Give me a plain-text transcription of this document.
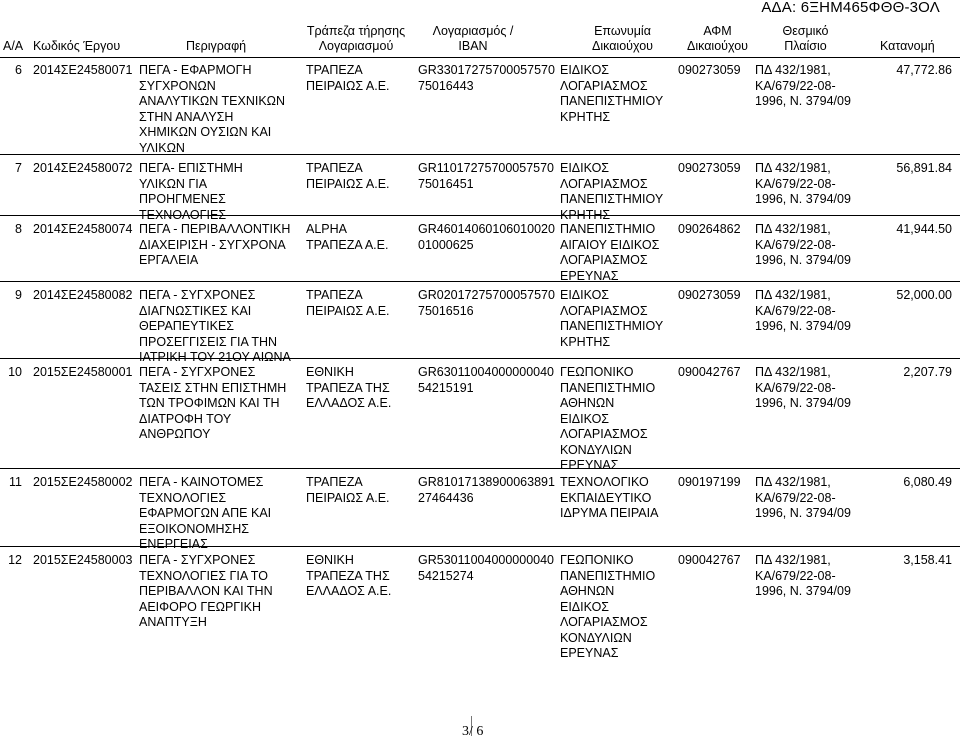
ΑΔΑ: 6ΞΗΜ465ΦΘΘ-3ΟΛ
Α/Α Κωδικός Έργου	Περιγραφή
Τράπεζα τήρησης
Λογαριασμού
Λογαριασμός /
IBAN
Επωνυμία
Δικαιούχου
ΑΦΜ
Δικαιούχου
Θεσμικό
Πλαίσιο	Κατανομή
6 2014ΣΕ24580071 ΠΕΓΑ - ΕΦΑΡΜΟΓΗ
ΣΥΓΧΡΟΝΩΝ
ΑΝΑΛΥΤΙΚΩΝ ΤΕΧΝΙΚΩΝ
ΣΤΗΝ ΑΝΑΛΥΣΗ
ΧΗΜΙΚΩΝ ΟΥΣΙΩΝ ΚΑΙ
ΥΛΙΚΩΝ
ΤΡΑΠΕΖΑ
ΠΕΙΡΑΙΩΣ Α.Ε.
GR33017275700057570
75016443
ΕΙΔΙΚΟΣ
ΛΟΓΑΡΙΑΣΜΟΣ
ΠΑΝΕΠΙΣΤΗΜΙΟΥ
ΚΡΗΤΗΣ
090273059 ΠΔ 432/1981,
ΚΑ/679/22-08-
1996, Ν. 3794/09
47,772.86
7 2014ΣΕ24580072 ΠΕΓΑ- ΕΠΙΣΤΗΜΗ
ΥΛΙΚΩΝ ΓΙΑ
ΠΡΟΗΓΜΕΝΕΣ
ΤΕΧΝΟΛΟΓΙΕΣ
ΤΡΑΠΕΖΑ
ΠΕΙΡΑΙΩΣ Α.Ε.
GR11017275700057570
75016451
ΕΙΔΙΚΟΣ
ΛΟΓΑΡΙΑΣΜΟΣ
ΠΑΝΕΠΙΣΤΗΜΙΟΥ
ΚΡΗΤΗΣ
090273059 ΠΔ 432/1981,
ΚΑ/679/22-08-
1996, Ν. 3794/09
56,891.84
8 2014ΣΕ24580074 ΠΕΓΑ - ΠΕΡΙΒΑΛΛΟΝΤΙΚΗ
ΔΙΑΧΕΙΡΙΣΗ - ΣΥΓΧΡΟΝΑ
ΕΡΓΑΛΕΙΑ
ALPHA
ΤΡΑΠΕΖΑ Α.Ε.
GR46014060106010020
01000625
ΠΑΝΕΠΙΣΤΗΜΙΟ
ΑΙΓΑΙΟΥ ΕΙΔΙΚΟΣ
ΛΟΓΑΡΙΑΣΜΟΣ
ΕΡΕΥΝΑΣ
090264862 ΠΔ 432/1981,
ΚΑ/679/22-08-
1996, Ν. 3794/09
41,944.50
9 2014ΣΕ24580082 ΠΕΓΑ - ΣΥΓΧΡΟΝΕΣ
ΔΙΑΓΝΩΣΤΙΚΕΣ ΚΑΙ
ΘΕΡΑΠΕΥΤΙΚΕΣ
ΠΡΟΣΕΓΓΙΣΕΙΣ ΓΙΑ ΤΗΝ
ΙΑΤΡΙΚΗ ΤΟΥ 21ΟΥ ΑΙΩΝΑ
ΤΡΑΠΕΖΑ
ΠΕΙΡΑΙΩΣ Α.Ε.
GR02017275700057570
75016516
ΕΙΔΙΚΟΣ
ΛΟΓΑΡΙΑΣΜΟΣ
ΠΑΝΕΠΙΣΤΗΜΙΟΥ
ΚΡΗΤΗΣ
090273059 ΠΔ 432/1981,
ΚΑ/679/22-08-
1996, Ν. 3794/09
52,000.00
10 2015ΣΕ24580001 ΠΕΓΑ - ΣΥΓΧΡΟΝΕΣ
ΤΑΣΕΙΣ ΣΤΗΝ ΕΠΙΣΤΗΜΗ
ΤΩΝ ΤΡΟΦΙΜΩΝ ΚΑΙ ΤΗ
ΔΙΑΤΡΟΦΗ ΤΟΥ
ΑΝΘΡΩΠΟΥ
ΕΘΝΙΚΗ
ΤΡΑΠΕΖΑ ΤΗΣ
ΕΛΛΑΔΟΣ Α.Ε.
GR63011004000000040
54215191
ΓΕΩΠΟΝΙΚΟ
ΠΑΝΕΠΙΣΤΗΜΙΟ
ΑΘΗΝΩΝ
ΕΙΔΙΚΟΣ
ΛΟΓΑΡΙΑΣΜΟΣ
ΚΟΝΔΥΛΙΩΝ
ΕΡΕΥΝΑΣ
090042767 ΠΔ 432/1981,
ΚΑ/679/22-08-
1996, Ν. 3794/09
2,207.79
11 2015ΣΕ24580002 ΠΕΓΑ - ΚΑΙΝΟΤΟΜΕΣ
ΤΕΧΝΟΛΟΓΙΕΣ
ΕΦΑΡΜΟΓΩΝ ΑΠΕ ΚΑΙ
ΕΞΟΙΚΟΝΟΜΗΣΗΣ
ΕΝΕΡΓΕΙΑΣ
ΤΡΑΠΕΖΑ
ΠΕΙΡΑΙΩΣ Α.Ε.
GR81017138900063891
27464436
ΤΕΧΝΟΛΟΓΙΚΟ
ΕΚΠΑΙΔΕΥΤΙΚΟ
ΙΔΡΥΜΑ ΠΕΙΡΑΙΑ
090197199 ΠΔ 432/1981,
ΚΑ/679/22-08-
1996, Ν. 3794/09
6,080.49
12 2015ΣΕ24580003 ΠΕΓΑ - ΣΥΓΧΡΟΝΕΣ
ΤΕΧΝΟΛΟΓΙΕΣ ΓΙΑ ΤΟ
ΠΕΡΙΒΑΛΛΟΝ ΚΑΙ ΤΗΝ
ΑΕΙΦΟΡΟ ΓΕΩΡΓΙΚΗ
ΑΝΑΠΤΥΞΗ
ΕΘΝΙΚΗ
ΤΡΑΠΕΖΑ ΤΗΣ
ΕΛΛΑΔΟΣ Α.Ε.
GR53011004000000040
54215274
ΓΕΩΠΟΝΙΚΟ
ΠΑΝΕΠΙΣΤΗΜΙΟ
ΑΘΗΝΩΝ
ΕΙΔΙΚΟΣ
ΛΟΓΑΡΙΑΣΜΟΣ
ΚΟΝΔΥΛΙΩΝ
ΕΡΕΥΝΑΣ
090042767 ΠΔ 432/1981,
ΚΑ/679/22-08-
1996, Ν. 3794/09
3,158.41
3/ 6
